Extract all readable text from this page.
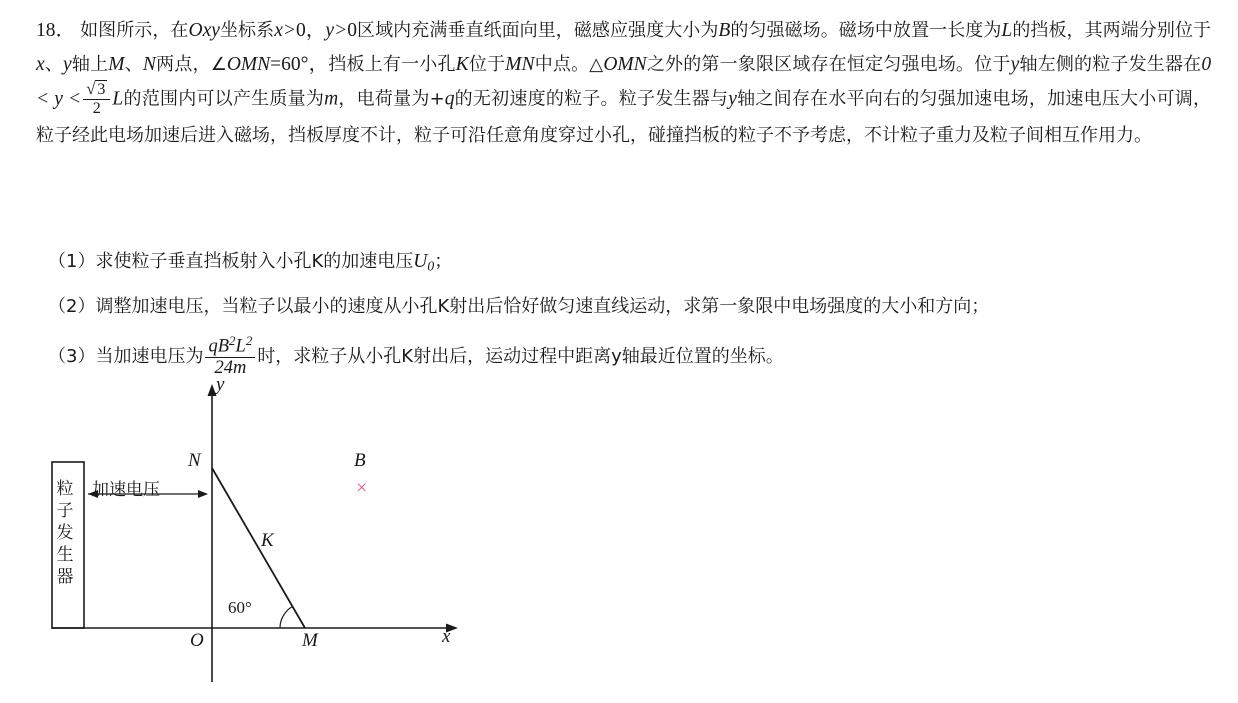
18． 如图所示，在Oxy坐标系x>0，y>0区域内充满垂直纸面向里，磁感应强度大小为B的匀强磁场。磁场中放置一长度为L的挡板，其两端分别位于x、y轴上M、N两点，∠OMN=60°，挡板上有一小孔K位于MN中点。△OMN之外的第一象限区域存在恒定匀强电场。位于y轴左侧的粒子发生器在$0 < y < \frac{√ 3}{2}$ L的范围内可以产生质量为m，电荷量为+q的无初速度的粒子。粒子发生器与y轴之间存在水平向右的匀强加速电场，加速电压大小可调，粒子经此电场加速后进入磁场，挡板厚度不计，粒子可沿任意角度穿过小孔，碰撞挡板的粒子不予考虑，不计粒子重力及粒子间相互作用力。
（1）求使粒子垂直挡板射入小孔K的加速电压$U_0$；
（2）调整加速电压，当粒子以最小的速度从小孔K射出后恰好做匀速直线运动，求第一象限中电场强度的大小和方向；
（3）当加速电压为 $\frac{qB^2L^2}{24m}$ 时，求粒子从小孔K射出后，运动过程中距离y轴最近位置的坐标。
y
x
O
N
M
K
B
×
60°
粒子发生器
加速电压
